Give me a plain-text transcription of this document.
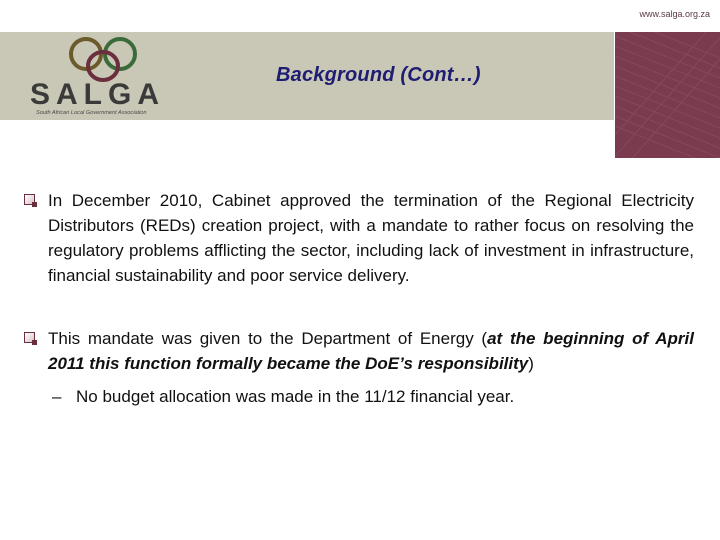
www.salga.org.za
SALGA
South African Local Government Association
Background (Cont…)
In December 2010, Cabinet approved the termination of the Regional Electricity Distributors (REDs) creation project, with a mandate to rather focus on resolving the regulatory problems afflicting the sector, including lack of investment in infrastructure, financial sustainability and poor service delivery.
This mandate was given to the Department of Energy (at the beginning of April 2011 this function formally became the DoE’s responsibility)
– No budget allocation was made in the 11/12 financial year.
